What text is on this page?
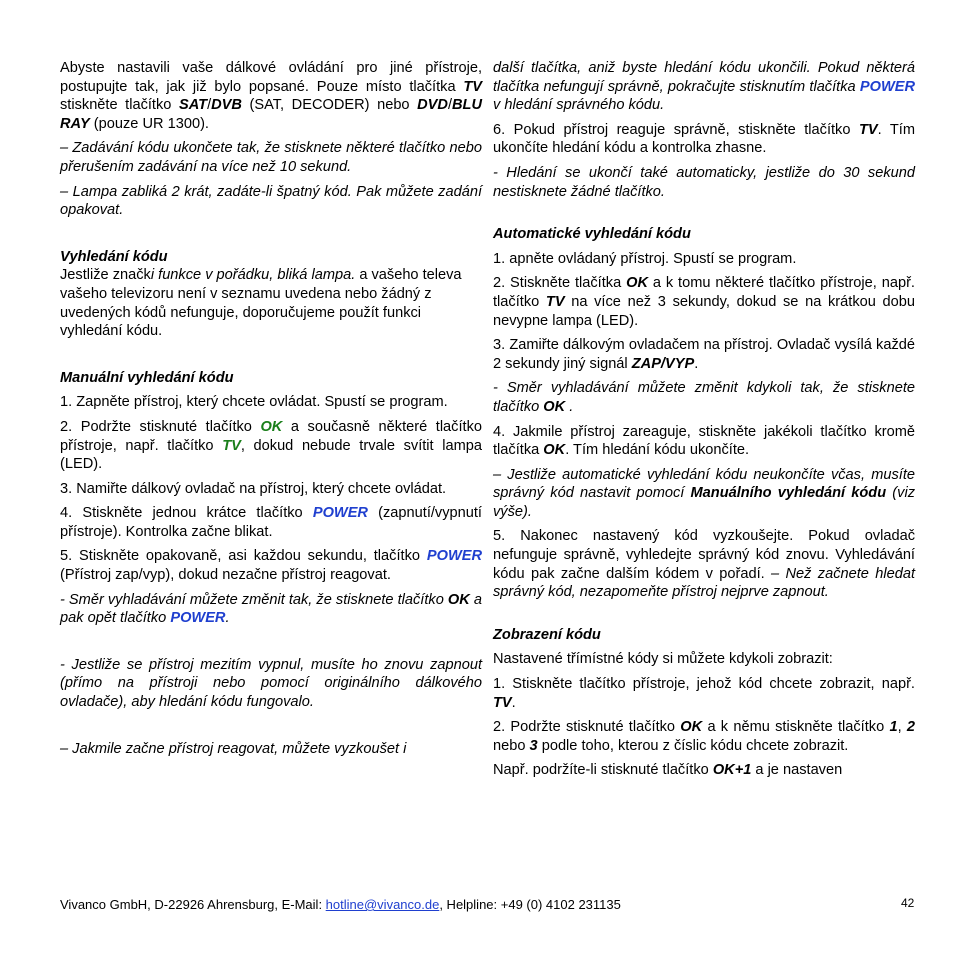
Abyste nastavili vaše dálkové ovládání pro jiné přístroje, postupujte tak, jak již bylo popsané. Pouze místo tlačítka TV stiskněte tlačítko SAT/DVB (SAT, DECODER) nebo DVD/BLU RAY (pouze UR 1300).

– Zadávání kódu ukončete tak, že stisknete některé tlačítko nebo přerušením zadávání na více než 10 sekund.

– Lampa zabliká 2 krát, zadáte-li špatný kód. Pak můžete zadání opakovat.

Vyhledání kódu

Jestliže znački funkce v pořádku, bliká lampa. a vašeho televa vašeho televizoru není v seznamu uvedena nebo žádný z uvedených kódů nefunguje, doporučujeme použít funkci vyhledání kódu.

Manuální vyhledání kódu

1. Zapněte přístroj, který chcete ovládat. Spustí se program.

2. Podržte stisknuté tlačítko OK a současně některé tlačítko přístroje, např. tlačítko TV, dokud nebude trvale svítit lampa (LED).

3. Namiřte dálkový ovladač na přístroj, který chcete ovládat.

4. Stiskněte jednou krátce tlačítko POWER (zapnutí/vypnutí přístroje). Kontrolka začne blikat.

5. Stiskněte opakovaně, asi každou sekundu, tlačítko POWER (Přístroj zap/vyp), dokud nezačne přístroj reagovat.

- Směr vyhladávání můžete změnit tak, že stisknete tlačítko OK a pak opět tlačítko POWER.

- Jestliže se přístroj mezitím vypnul, musíte ho znovu zapnout (přímo na přístroji nebo pomocí originálního dálkového ovladače), aby hledání kódu fungovalo.

– Jakmile začne přístroj reagovat, můžete vyzkoušet i

další tlačítka, aniž byste hledání kódu ukončili. Pokud některá tlačítka nefungují správně, pokračujte stisknutím tlačítka POWER v hledání správného kódu.

6. Pokud přístroj reaguje správně, stiskněte tlačítko TV. Tím ukončíte hledání kódu a kontrolka zhasne.

- Hledání se ukončí také automaticky, jestliže do 30 sekund nestisknete žádné tlačítko.

Automatické vyhledání kódu

1. apněte ovládaný přístroj. Spustí se program.

2. Stiskněte tlačítka OK a k tomu některé tlačítko přístroje, např. tlačítko TV na více než 3 sekundy, dokud se na krátkou dobu nevypne lampa (LED).

3. Zamiřte dálkovým ovladačem na přístroj. Ovladač vysílá každé 2 sekundy jiný signál ZAP/VYP.

- Směr vyhladávání můžete změnit kdykoli tak, že stisknete tlačítko OK .

4. Jakmile přístroj zareaguje, stiskněte jakékoli tlačítko kromě tlačítka OK. Tím hledání kódu ukončíte.

– Jestliže automatické vyhledání kódu neukončíte včas, musíte správný kód nastavit pomocí Manuálního vyhledání kódu (viz výše).

5. Nakonec nastavený kód vyzkoušejte. Pokud ovladač nefunguje správně, vyhledejte správný kód znovu. Vyhledávání kódu pak začne dalším kódem v pořadí. – Než začnete hledat správný kód, nezapomeňte přístroj nejprve zapnout.

Zobrazení kódu

Nastavené třímístné kódy si můžete kdykoli zobrazit:

1. Stiskněte tlačítko přístroje, jehož kód chcete zobrazit, např. TV.

2. Podržte stisknuté tlačítko OK a k němu stiskněte tlačítko 1, 2 nebo 3 podle toho, kterou z číslic kódu chcete zobrazit.

Např. podržíte-li stisknuté tlačítko OK+1 a je nastaven

Vivanco GmbH, D-22926 Ahrensburg, E-Mail: hotline@vivanco.de, Helpline: +49 (0) 4102 231135	42
